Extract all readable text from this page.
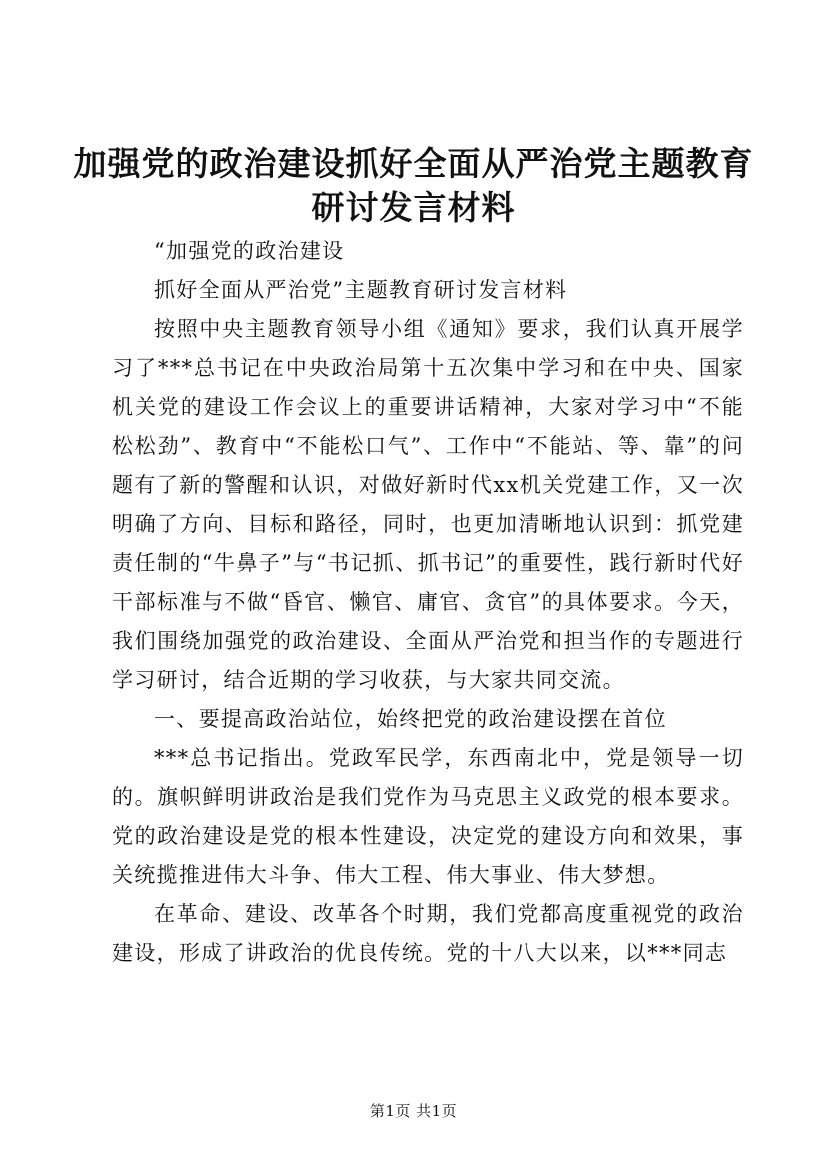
加强党的政治建设抓好全面从严治党主题教育
研讨发言材料

“加强党的政治建设

抓好全面从严治党”主题教育研讨发言材料

按照中央主题教育领导小组《通知》要求，我们认真开展学习了***总书记在中央政治局第十五次集中学习和在中央、国家机关党的建设工作会议上的重要讲话精神，大家对学习中“不能松松劲”、教育中“不能松口气”、工作中“不能站、等、靠”的问题有了新的警醒和认识，对做好新时代xx机关党建工作，又一次明确了方向、目标和路径，同时，也更加清晰地认识到：抓党建责任制的“牛鼻子”与“书记抓、抓书记”的重要性，践行新时代好干部标准与不做“昏官、懒官、庸官、贪官”的具体要求。今天，我们围绕加强党的政治建设、全面从严治党和担当作的专题进行学习研讨，结合近期的学习收获，与大家共同交流。

一、要提高政治站位，始终把党的政治建设摆在首位

***总书记指出。党政军民学，东西南北中，党是领导一切的。旗帜鲜明讲政治是我们党作为马克思主义政党的根本要求。党的政治建设是党的根本性建设，决定党的建设方向和效果，事关统揽推进伟大斗争、伟大工程、伟大事业、伟大梦想。

在革命、建设、改革各个时期，我们党都高度重视党的政治建设，形成了讲政治的优良传统。党的十八大以来，以***同志

第1页 共1页
